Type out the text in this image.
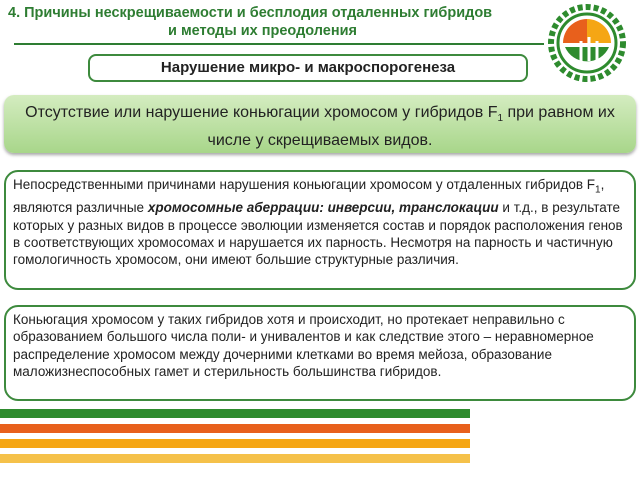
4. Причины нескрещиваемости и бесплодия отдаленных гибридов
и методы их преодоления
Нарушение микро- и макроспорогенеза
Отсутствие или нарушение коньюгации хромосом у гибридов $F_1$ при равном их числе у скрещиваемых видов.
Непосредственными причинами нарушения коньюгации хромосом у отдаленных гибридов $F_1$, являются различные хромосомные аберрации: инверсии, транслокации и т.д., в результате которых у разных видов в процессе эволюции изменяется состав и порядок расположения генов в соответствующих хромосомах и нарушается их парность. Несмотря на парность и частичную гомологичность хромосом, они имеют большие структурные различия.
Коньюгация хромосом у таких гибридов хотя и происходит, но протекает неправильно с образованием большого числа поли- и унивалентов и как следствие этого – неравномерное распределение хромосом между дочерними клетками во время мейоза, образование маложизнеспособных гамет и стерильность большинства гибридов.
